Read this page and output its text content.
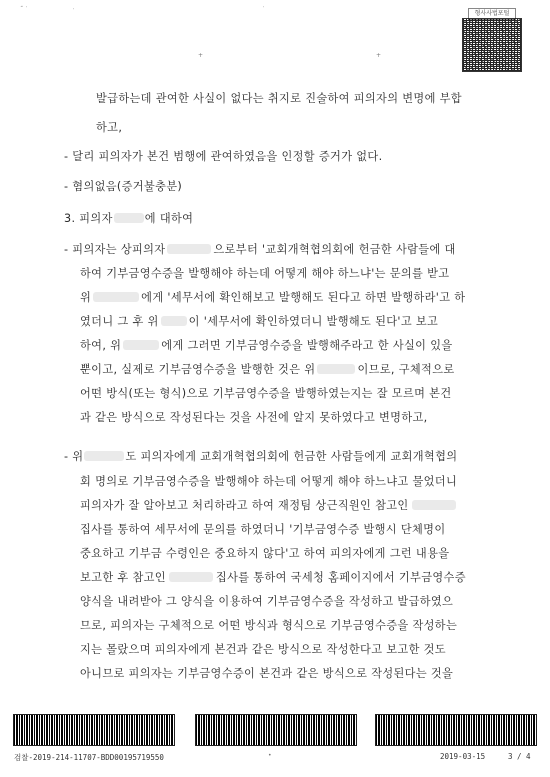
˝ ˙	˙	˙
+	+
형사사법포털
발급하는데 관여한 사실이 없다는 취지로 진술하여 피의자의 변명에 부합
하고,
- 달리 피의자가 본건 범행에 관여하였음을 인정할 증거가 없다.
- 혐의없음(증거불충분)
3. 피의자	에 대하여
- 피의자는 상피의자	으로부터 '교회개혁협의회에 헌금한 사람들에 대
하여 기부금영수증을 발행해야 하는데 어떻게 해야 하느냐'는 문의를 받고
위	에게 '세무서에 확인해보고 발행해도 된다고 하면 발행하라'고 하
였더니 그 후 위	이 '세무서에 확인하였더니 발행해도 된다'고 보고
하여, 위	에게 그러면 기부금영수증을 발행해주라고 한 사실이 있을
뿐이고, 실제로 기부금영수증을 발행한 것은 위	이므로, 구체적으로
어떤 방식(또는 형식)으로 기부금영수증을 발행하였는지는 잘 모르며 본건
과 같은 방식으로 작성된다는 것을 사전에 알지 못하였다고 변명하고,
- 위	도 피의자에게 교회개혁협의회에 헌금한 사람들에게 교회개혁협의
회 명의로 기부금영수증을 발행해야 하는데 어떻게 해야 하느냐고 물었더니
피의자가 잘 알아보고 처리하라고 하여 재정팀 상근직원인 참고인
집사를 통하여 세무서에 문의를 하였더니 '기부금영수증 발행시 단체명이
중요하고 기부금 수령인은 중요하지 않다'고 하여 피의자에게 그런 내용을
보고한 후 참고인	집사를 통하여 국세청 홈페이지에서 기부금영수증
양식을 내려받아 그 양식을 이용하여 기부금영수증을 작성하고 발급하였으
므로, 피의자는 구체적으로 어떤 방식과 형식으로 기부금영수증을 작성하는
지는 몰랐으며 피의자에게 본건과 같은 방식으로 작성한다고 보고한 것도
아니므로 피의자는 기부금영수증이 본건과 같은 방식으로 작성된다는 것을
검찰-2019-214-11707-BDD00195719550	•	2019-03-15	3 / 4
